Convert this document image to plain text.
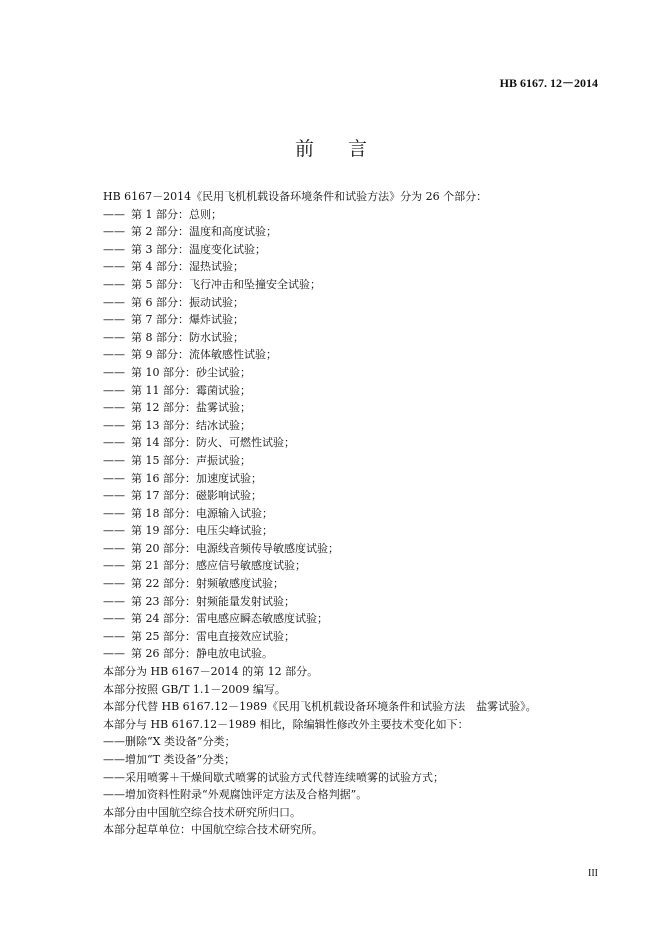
HB 6167. 12－2014
前言
HB 6167－2014《民用飞机机载设备环境条件和试验方法》分为 26 个部分：
—— 第 1 部分：总则；
—— 第 2 部分：温度和高度试验；
—— 第 3 部分：温度变化试验；
—— 第 4 部分：湿热试验；
—— 第 5 部分：飞行冲击和坠撞安全试验；
—— 第 6 部分：振动试验；
—— 第 7 部分：爆炸试验；
—— 第 8 部分：防水试验；
—— 第 9 部分：流体敏感性试验；
—— 第 10 部分：砂尘试验；
—— 第 11 部分：霉菌试验；
—— 第 12 部分：盐雾试验；
—— 第 13 部分：结冰试验；
—— 第 14 部分：防火、可燃性试验；
—— 第 15 部分：声振试验；
—— 第 16 部分：加速度试验；
—— 第 17 部分：磁影响试验；
—— 第 18 部分：电源输入试验；
—— 第 19 部分：电压尖峰试验；
—— 第 20 部分：电源线音频传导敏感度试验；
—— 第 21 部分：感应信号敏感度试验；
—— 第 22 部分：射频敏感度试验；
—— 第 23 部分：射频能量发射试验；
—— 第 24 部分：雷电感应瞬态敏感度试验；
—— 第 25 部分：雷电直接效应试验；
—— 第 26 部分：静电放电试验。
本部分为 HB 6167－2014 的第 12 部分。
本部分按照 GB/T 1.1－2009 编写。
本部分代替 HB 6167.12－1989《民用飞机机载设备环境条件和试验方法　盐雾试验》。
本部分与 HB 6167.12－1989 相比，除编辑性修改外主要技术变化如下：
——删除“X 类设备”分类；
——增加“T 类设备”分类；
——采用喷雾＋干燥间歇式喷雾的试验方式代替连续喷雾的试验方式；
——增加资料性附录“外观腐蚀评定方法及合格判据”。
本部分由中国航空综合技术研究所归口。
本部分起草单位：中国航空综合技术研究所。
III
